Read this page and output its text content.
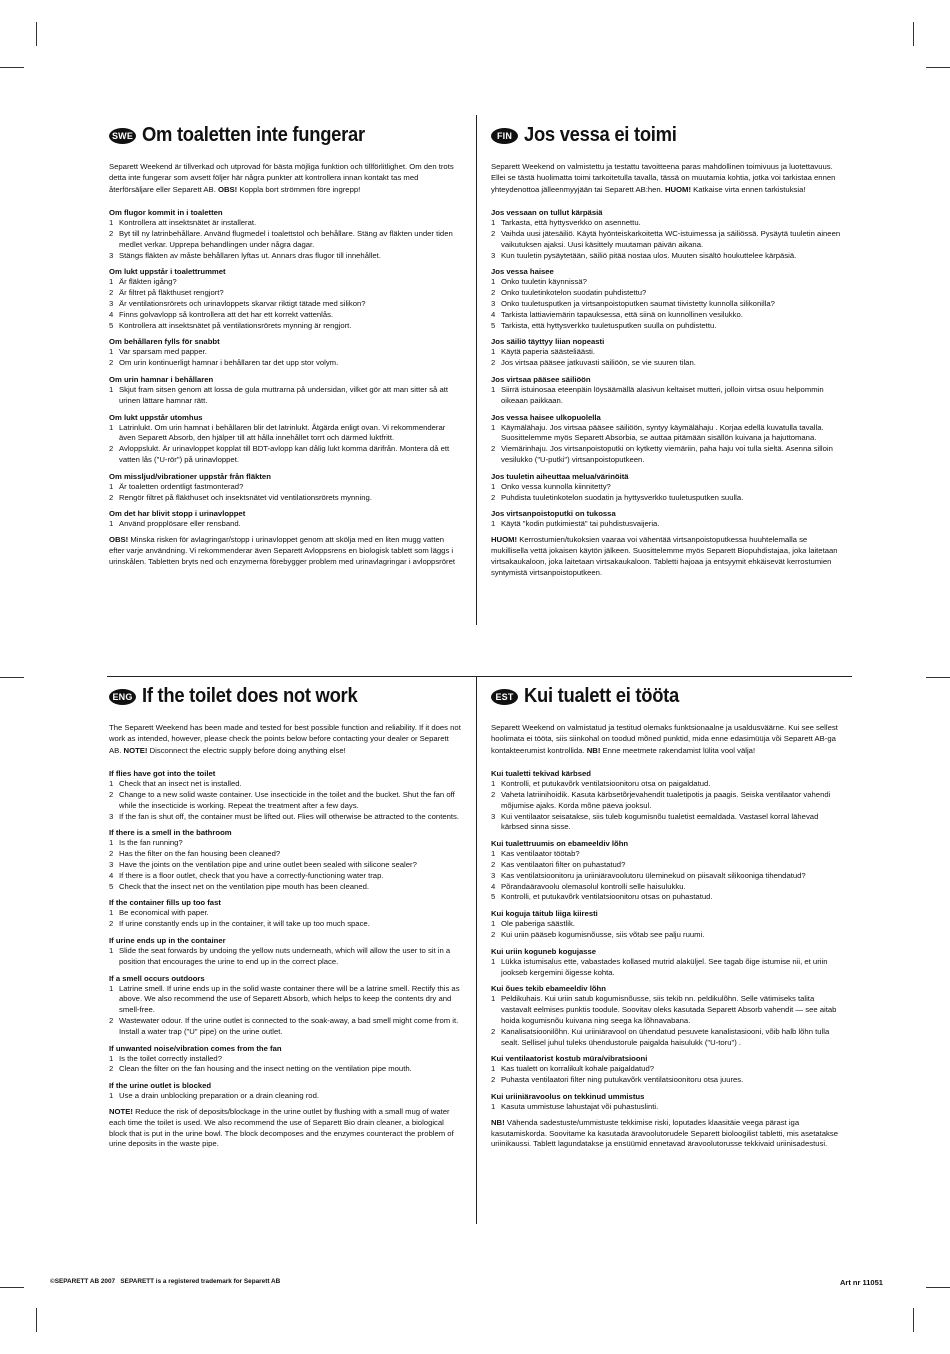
SWE Om toaletten inte fungerar

Separett Weekend är tillverkad och utprovad för bästa möjliga funktion och tillförlitlighet. Om den trots detta inte fungerar som avsett följer här några punkter att kontrollera innan kontakt tas med återförsäljare eller Separett AB. OBS! Koppla bort strömmen före ingrepp!

Om flugor kommit in i toaletten
1 Kontrollera att insektsnätet är installerat.
2 Byt till ny latrinbehållare. Använd flugmedel i toalettstol och behållare. Stäng av fläkten under tiden medlet verkar. Upprepa behandlingen under några dagar.
3 Stängs fläkten av måste behållaren lyftas ut. Annars dras flugor till innehållet.
Om lukt uppstår i toalettrummet
1 Är fläkten igång?
2 Är filtret på fläkthuset rengjort?
3 Är ventilationsrörets och urinavloppets skarvar riktigt tätade med silikon?
4 Finns golvavlopp så kontrollera att det har ett korrekt vattenlås.
5 Kontrollera att insektsnätet på ventilationsrörets mynning är rengjort.
Om behållaren fylls för snabbt
1 Var sparsam med papper.
2 Om urin kontinuerligt hamnar i behållaren tar det upp stor volym.
Om urin hamnar i behållaren
1 Skjut fram sitsen genom att lossa de gula muttrarna på undersidan, vilket gör att man sitter så att urinen lättare hamnar rätt.
Om lukt uppstår utomhus
1 Latrinlukt. Om urin hamnat i behållaren blir det latrinlukt. Åtgärda enligt ovan. Vi rekommenderar även Separett Absorb, den hjälper till att hålla innehållet torrt och därmed luktfritt.
2 Avloppslukt. Är urinavloppet kopplat till BDT-avlopp kan dålig lukt komma därifrån. Montera då ett vatten lås ("U-rör") på urinavloppet.
Om missljud/vibrationer uppstår från fläkten
1 Är toaletten ordentligt fastmonterad?
2 Rengör filtret på fläkthuset och insektsnätet vid ventilationsrörets mynning.
Om det har blivit stopp i urinavloppet
1 Använd propplösare eller rensband.
OBS! Minska risken för avlagringar/stopp i urinavloppet genom att skölja med en liten mugg vatten efter varje användning. Vi rekommenderar även Separett Avloppsrens en biologisk tablett som läggs i urinskålen. Tabletten bryts ned och enzymerna förebygger problem med urinavlagringar i avloppsröret
FIN Jos vessa ei toimi

Separett Weekend on valmistettu ja testattu tavoitteena paras mahdollinen toimivuus ja luotettavuus. Ellei se tästä huolimatta toimi tarkoitetulla tavalla, tässä on muutamia kohtia, jotka voi tarkistaa ennen yhteydenottoa jälleenmyyjään tai Separett AB:hen. HUOM! Katkaise virta ennen tarkistuksia!

Jos vessaan on tullut kärpäsiä
1 Tarkasta, että hyttysverkko on asennettu.
2 Vaihda uusi jätesäiliö. Käytä hyönteiskarkoitetta WC-istuimessa ja säiliössä. Pysäytä tuuletin aineen vaikutuksen ajaksi. Uusi käsittely muutaman päivän aikana.
3 Kun tuuletin pysäytetään, säiliö pitää nostaa ulos. Muuten sisältö houkuttelee kärpäsiä.
Jos vessa haisee
1 Onko tuuletin käynnissä?
2 Onko tuuletinkotelon suodatin puhdistettu?
3 Onko tuuletusputken ja virtsanpoistoputken saumat tiivistetty kunnolla silikonilla?
4 Tarkista lattiaviemärin tapauksessa, että siinä on kunnollinen vesilukko.
5 Tarkista, että hyttysverkko tuuletusputken suulla on puhdistettu.
Jos säiliö täyttyy liian nopeasti
1 Käytä paperia säästeliäästi.
2 Jos virtsaa pääsee jatkuvasti säiliöön, se vie suuren tilan.
Jos virtsaa pääsee säiliöön
1 Siirrä istuinosaa eteenpäin löysäämällä alasivun keltaiset mutteri, jolloin virtsa osuu helpommin oikeaan paikkaan.
Jos vessa haisee ulkopuolella
1 Käymälähaju. Jos virtsaa pääsee säiliöön, syntyy käymälähaju . Korjaa edellä kuvatulla tavalla. Suosittelemme myös Separett Absorbia, se auttaa pitämään sisällön kuivana ja hajuttomana.
2 Viemärinhaju. Jos virtsanpoistoputki on kytketty viemäriin, paha haju voi tulla sieltä. Asenna silloin vesilukko ("U-putki") virtsanpoistoputkeen.
Jos tuuletin aiheuttaa melua/värinöitä
1 Onko vessa kunnolla kiinnitetty?
2 Puhdista tuuletinkotelon suodatin ja hyttysverkko tuuletusputken suulla.
Jos virtsanpoistoputki on tukossa
1 Käytä "kodin putkimiestä" tai puhdistusvaijeria.
HUOM! Kerrostumien/tukoksien vaaraa voi vähentää virtsanpoistoputkessa huuhtelemalla se mukillisella vettä jokaisen käytön jälkeen. Suosittelemme myös Separett Biopuhdistajaa, joka laitetaan virtsakaukaloon, joka laitetaan virtsakaukaloon. Tabletti hajoaa ja entsyymit ehkäisevät kerrostumien syntymistä virtsanpoistoputkeen.
ENG If the toilet does not work

The Separett Weekend has been made and tested for best possible function and reliability. If it does not work as intended, however, please check the points below before contacting your dealer or Separett AB. NOTE! Disconnect the electric supply before doing anything else!

If flies have got into the toilet
1 Check that an insect net is installed.
2 Change to a new solid waste container. Use insecticide in the toilet and the bucket. Shut the fan off while the insecticide is working. Repeat the treatment after a few days.
3 If the fan is shut off, the container must be lifted out. Flies will otherwise be attracted to the contents.
If there is a smell in the bathroom
1 Is the fan running?
2 Has the filter on the fan housing been cleaned?
3 Have the joints on the ventilation pipe and urine outlet been sealed with silicone sealer?
4 If there is a floor outlet, check that you have a correctly-functioning water trap.
5 Check that the insect net on the ventilation pipe mouth has been cleaned.
If the container fills up too fast
1 Be economical with paper.
2 If urine constantly ends up in the container, it will take up too much space.
If urine ends up in the container
1 Slide the seat forwards by undoing the yellow nuts underneath, which will allow the user to sit in a position that encourages the urine to end up in the correct place.
If a smell occurs outdoors
1 Latrine smell. If urine ends up in the solid waste container there will be a latrine smell. Rectify this as above. We also recommend the use of Separett Absorb, which helps to keep the contents dry and smell-free.
2 Wastewater odour. If the urine outlet is connected to the soak-away, a bad smell might come from it. Install a water trap ("U" pipe) on the urine outlet.
If unwanted noise/vibration comes from the fan
1 Is the toilet correctly installed?
2 Clean the filter on the fan housing and the insect netting on the ventilation pipe mouth.
If the urine outlet is blocked
1 Use a drain unblocking preparation or a drain cleaning rod.
NOTE! Reduce the risk of deposits/blockage in the urine outlet by flushing with a small mug of water each time the toilet is used. We also recommend the use of Separett Bio drain cleaner, a biological block that is put in the urine bowl. The block decomposes and the enzymes counteract the problem of urine deposits in the waste pipe.
EST Kui tualett ei tööta

Separett Weekend on valmistatud ja testitud olemaks funktsionaalne ja usaldusväärne. Kui see sellest hoolimata ei tööta, siis siinkohal on toodud mõned punktid, mida enne edasimüüja või Separett AB-ga kontakteerumist kontrollida. NB! Enne meetmete rakendamist lülita vool välja!

Kui tualetti tekivad kärbsed
1 Kontrolli, et putukavõrk ventilatsioonitoru otsa on paigaldatud.
2 Vaheta latriinihoidik. Kasuta kärbsetõrjevahendit tualetipotis ja paagis. Seiska ventilaator vahendi mõjumise ajaks. Korda mõne päeva jooksul.
3 Kui ventilaator seisatakse, siis tuleb kogumisnõu tualetist eemaldada. Vastasel korral lähevad kärbsed sinna sisse.
Kui tualettruumis on ebameeldiv lõhn
1 Kas ventilaator töötab?
2 Kas ventilaatori filter on puhastatud?
3 Kas ventilatsioonitoru ja uriiniäravoolutoru üleminekud on piisavalt silikooniga tihendatud?
4 Põrandaäravoolu olemasolul kontrolli selle haisulukku.
5 Kontrolli, et putukavõrk ventilatsioonitoru otsas on puhastatud.
Kui koguja täitub liiga kiiresti
1 Ole paberiga säästlik.
2 Kui uriin pääseb kogumisnõusse, siis võtab see palju ruumi.
Kui uriin koguneb kogujasse
1 Lükka istumisalus ette, vabastades kollased mutrid alaküljel. See tagab õige istumise nii, et uriin jookseb kergemini õigesse kohta.
Kui õues tekib ebameeldiv lõhn
1 Peldikuhais. Kui uriin satub kogumisnõusse, siis tekib nn. peldikulõhn. Selle vätimiseks talita vastavalt eelmises punktis toodule. Soovitav oleks kasutada Separett Absorb vahendit — see aitab hoida kogumisnõu kuivana ning seega ka lõhnavabana.
2 Kanalisatsioonilõhn. Kui uriiniäravool on ühendatud pesuvete kanalistasiooni, võib halb lõhn tulla sealt. Sellisel juhul tuleks ühendustorule paigalda haisulukk ("U-toru") .
Kui ventilaatorist kostub müra/vibratsiooni
1 Kas tualett on korralikult kohale paigaldatud?
2 Puhasta ventilaatori filter ning putukavõrk ventilatsioonitoru otsa juures.
Kui uriiniäravoolus on tekkinud ummistus
1 Kasuta ummistuse lahustajat või puhastuslinti.
NB! Vähenda sadestuste/ummistuste tekkimise riski, loputades klaasitäie veega pärast iga kasutamiskorda. Soovitame ka kasutada äravoolutorudele Separett bioloogilist tabletti, mis asetatakse uriinikaussi. Tablett lagundatakse ja ensüümid ennetavad äravoolutorusse tekkivaid uriinisadestusi.
©SEPARETT AB 2007 SEPARETT is a registered trademark for Separett AB	Art nr 11051
